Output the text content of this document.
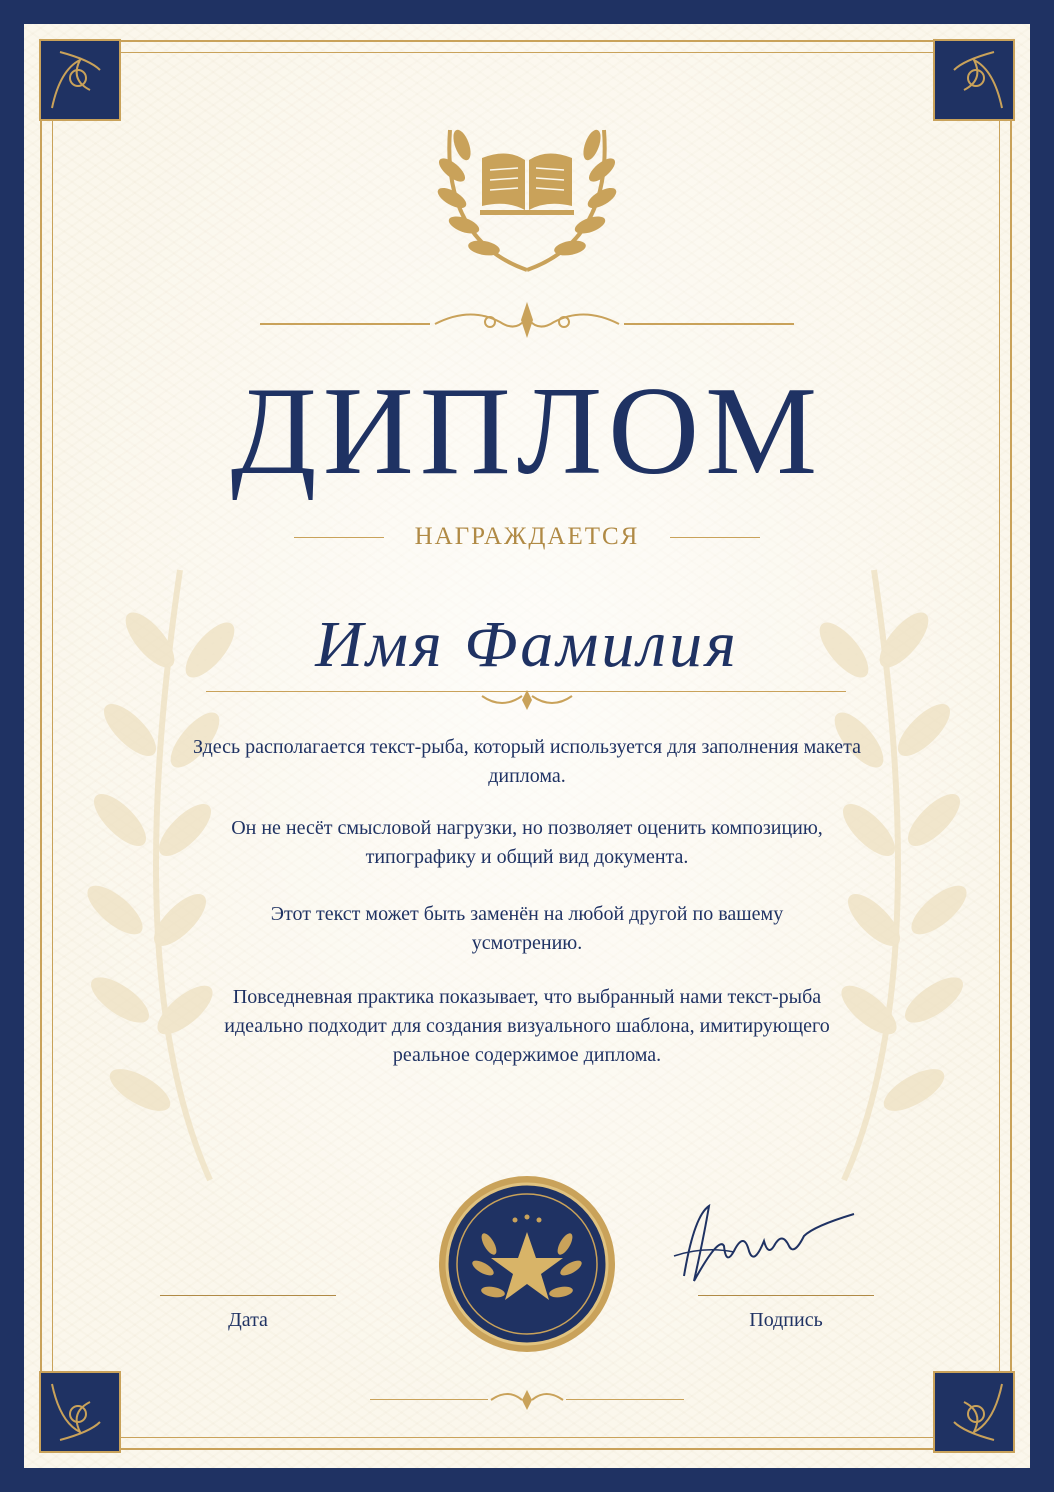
ДИПЛОМ
НАГРАЖДАЕТСЯ
Имя Фамилия
Здесь располагается текст-рыба, который используется для заполнения макета диплома.
Он не несёт смысловой нагрузки, но позволяет оценить композицию, типографику и общий вид документа.
Этот текст может быть заменён на любой другой по вашему усмотрению.
Повседневная практика показывает, что выбранный нами текст-рыба идеально подходит для создания визуального шаблона, имитирующего реальное содержимое диплома.
Дата	Подпись
